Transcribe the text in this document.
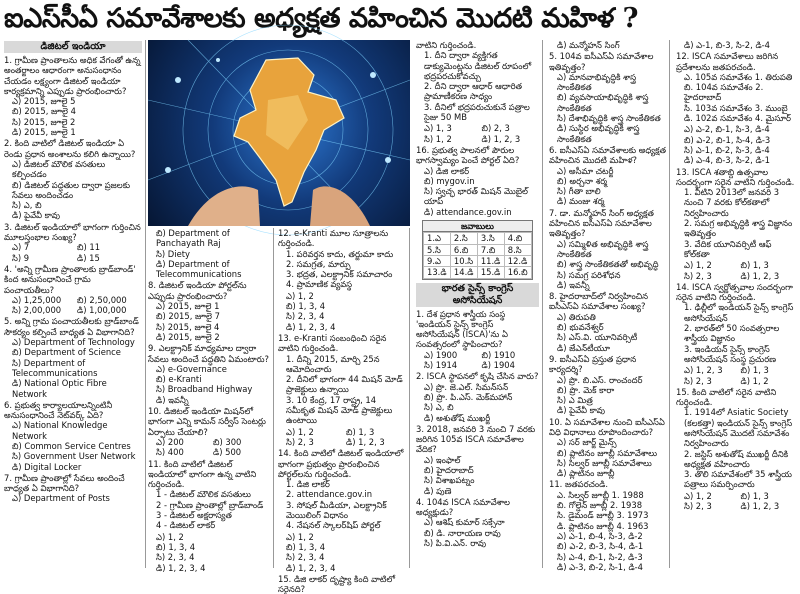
ఐఎస్‌సీఏ సమావేశాలకు అధ్యక్షత వహించిన మొదటి మహిళ ?
డిజిటల్ ఇండియా
1. గ్రామీణ ప్రాంతాలను అధిక వేగంతో ఉన్న అంతర్జాలం ఆధారంగా అనుసంధానం చేయడం లక్ష్యంగా డిజిటల్ ఇండియా కార్యక్రమాన్ని ఎప్పుడు ప్రారంభించారు?
ఎ) 2015, జూలై 5
బి) 2015, జూలై 4
సి) 2015, జూలై 2
డి) 2015, జూలై 1
2. కింది వాటిలో డిజిటల్ ఇండియా ఏ రెండు ప్రధాన అంశాలను కలిగి ఉన్నాయి?
ఎ) డిజిటల్ మౌలిక వసతులు కల్పించడం
బి) డిజిటల్ పద్ధతుల ద్వారా ప్రజలకు సేవలు అందించడం
సి) ఎ, బి
డి) పైవేవీ కావు
3. డిజిటల్ ఇండియాలో భాగంగా గుర్తించిన మూలస్తంభాల సంఖ్య?
ఎ) 7	బి) 11
సి) 9	డి) 15
4. 'అన్ని గ్రామీణ ప్రాంతాలకు బ్రాడ్‌బాండ్' కింద అనుసంధానించే గ్రామ పంచాయతీలు?
ఎ) 1,25,000	బి) 2,50,000
సి) 2,00,000	డి) 1,00,000
5. అన్ని గ్రామ పంచాయతీలకు బ్రాడ్‌బాండ్ సౌకర్యం కల్పించే బాధ్యత ఏ విభాగానిది?
ఎ) Department of Technology
బి) Department of Science
సి) Department of Telecommunications
డి) National Optic Fibre Network
6. ప్రభుత్వ కార్యాలయాలన్నింటినీ అనుసంధానించే నెట్‌వర్క్ ఏది?
ఎ) National Knowledge Network
బి) Common Service Centres
సి) Government User Network
డి) Digital Locker
7. గ్రామీణ ప్రాంతాల్లో సేవలు అందించే బాధ్యత ఏ విభాగానిది?
ఎ) Department of Posts
బి) Department of Panchayath Raj
సి) Diety
డి) Department of Telecommunications
8. డిజిటల్ ఇండియా పోర్టల్‌ను ఎప్పుడు ప్రారంభించారు?
ఎ) 2015, జూలై 1
బి) 2015, జూలై 7
సి) 2015, జూలై 4
డి) 2015, జూలై 2
9. ఎలక్ట్రానిక్ మాధ్యమాల ద్వారా సేవలు అందించే పద్ధతిని ఏమంటారు?
ఎ) e-Governance
బి) e-Kranti
సి) Broadband Highway
డి) ఇవన్నీ
10. డిజిటల్ ఇండియా మిషన్‌లో భాగంగా ఎన్ని కామన్ సర్వీస్ సెంటర్లు ఏర్పాటు చేయాలి?
ఎ) 200	బి) 300
సి) 400	డి) 500
11. కింది వాటిలో డిజిటల్ ఇండియాలో భాగంగా ఉన్న వాటిని గుర్తించండి.
1 - డిజిటల్ మౌలిక వసతులు
2 - గ్రామీణ ప్రాంతాల్లో బ్రాడ్‌బాండ్
3 - డిజిటల్ అక్షరాస్యత
4 - డిజిటల్ లాకర్
ఎ) 1, 2
బి) 1, 3, 4
సి) 2, 3, 4
డి) 1, 2, 3, 4
12. e-Kranti మూల సూత్రాలను గుర్తించండి.
1. పరివర్తన కాదు, తర్జుమా కాదు
2. సమగ్రత, మార్పు
3. భద్రత, ఎలక్ట్రానిక్ సమాచారం
4. ప్రామాణిక వ్యవస్థ
ఎ) 1, 2
బి) 1, 3, 4
సి) 2, 3, 4
డి) 1, 2, 3, 4
13. e-Kranti సంబంధించి సరైన వాటిని గుర్తించండి.
1. దీన్ని 2015, మార్చి 25న ఆమోదించారు
2. దీనిలో భాగంగా 44 మిషన్ మోడ్ ప్రాజెక్టులు ఉన్నాయి
3. 10 కేంద్ర, 17 రాష్ట్ర, 14 సమీకృత మిషన్ మోడ్ ప్రాజెక్టులు ఉంటాయి
ఎ) 1, 2	బి) 1, 3
సి) 2, 3	డి) 1, 2, 3
14. కింది వాటిలో డిజిటల్ ఇండియాలో భాగంగా ప్రభుత్వం ప్రారంభించిన పోర్టల్‌లను గుర్తించండి.
1. డిజి లాకర్
2. attendance.gov.in
3. సోషల్ మీడియా, ఎలక్ట్రానిక్ మెయిలింగ్ విధానం
4. నేషనల్ స్కాలర్‌షిప్ పోర్టల్
ఎ) 1, 2
బి) 1, 3, 4
సి) 2, 3, 4
డి) 1, 2, 3, 4
15. డిజి లాకర్ దృష్ట్యా కింది వాటిలో సరైనది?
వాటిని గుర్తించండి.
1. దీని ద్వారా వ్యక్తిగత డాక్యుమెంట్లను డిజిటల్ రూపంలో భద్రపరచుకోవచ్చు
2. దీని ద్వారా ఆధార్ ఆధారిత ప్రామాణీకరణ సాధ్యం
3. దీనిలో భద్రపరుచుకునే పత్రాల సైజు 50 MB
ఎ) 1, 3	బి) 2, 3
సి) 1, 2	డి) 1, 2, 3
16. ప్రభుత్వ పాలనలో పౌరుల భాగస్వామ్యం పెంచే పోర్టల్ ఏది?
ఎ) డిజి లాకర్
బి) mygov.in
సి) స్వచ్ఛ భారత్ మిషన్ మొబైల్ యాప్
డి) attendance.gov.in
జవాబులు
1.ఎ	2.సి	3.సి	4.బి
5.సి	6.బి	7.బి	8.సి
9.ఎ	10.సి	11.డి	12.డి
13.డి	14.డి	15.డి	16.బి
భారత సైన్స్ కాంగ్రెస్ అసోసియేషన్
1. దేశ ప్రధాన శాస్త్రీయ సంస్థ 'ఇండియన్ సైన్స్ కాంగ్రెస్ అసోసియేషన్ (ISCA)'ను ఏ సంవత్సరంలో స్థాపించారు?
ఎ) 1900	బి) 1910
సి) 1914	డి) 1904
2. ISCA స్థాపనలో కృషి చేసిన వారు?
ఎ) ప్రొ. జె.ఎల్. సిమన్‌సన్
బి) ప్రొ. పి.ఎస్. మెక్‌మహాన్
సి) ఎ, బి
డి) అశుతోష్ ముఖర్జీ
3. 2018, జనవరి 3 నుంచి 7 వరకు జరిగిన 105వ ISCA సమావేశాల వేదిక?
ఎ) ఇంఫాల్
బి) హైదరాబాద్
సి) విశాఖపట్నం
డి) పుణె
4. 104వ ISCA సమావేశాల అధ్యక్షుడు?
ఎ) ఆశిష్ కుమార్ సక్సేనా
బి) డి. నారాయణ రావు
సి) పి.వి.ఎన్. రావు
డి) మన్మోహన్ సింగ్
5. 104వ ఐసీఎస్‌ఏ సమావేశాల ఇతివృత్తం?
ఎ) మానవాభివృద్ధికి శాస్త్ర సాంకేతికత
బి) వ్యవసాయాభివృద్ధికి శాస్త్ర సాంకేతికత
సి) దేశాభివృద్ధికి శాస్త్ర సాంకేతికత
డి) సుస్థిర అభివృద్ధికి శాస్త్ర సాంకేతికత
6. ఐసీఎస్‌ఏ సమావేశాలకు అధ్యక్షత వహించిన మొదటి మహిళ?
ఎ) అసీమా చటర్జీ
బి) అర్చనా శర్మ
సి) గీతా బాలి
డి) మంజు శర్మ
7. డా. మన్మోహన్ సింగ్ అధ్యక్షత వహించిన ఐసీఎస్‌ఏ సమావేశాల ఇతివృత్తం?
ఎ) సమ్మిళిత అభివృద్ధికి శాస్త్ర సాంకేతికత
బి) శాస్త్ర సాంకేతికతతో అభివృద్ధి
సి) సమగ్ర పరిశోధన
డి) ఇవన్నీ
8. హైదరాబాద్‌లో నిర్వహించిన ఐసీఎస్‌ఏ సమావేశాల సంఖ్య?
ఎ) తిరుపతి
బి) భువనేశ్వర్
సి) ఎస్.వి. యూనివర్సిటీ
డి) జేఎన్‌టీయూ
9. ఐసీఎస్‌ఏ ప్రస్తుత ప్రధాన కార్యదర్శి?
ఎ) ప్రొ. బి.ఎస్. రాంచందర్
బి) ప్రొ. మెక్ కారా
సి) ఎ మిత్ర
డి) పైవేవీ కావు
10. ఏ సమావేశాల నుంచి ఐసీఎస్‌ఏ విధి విధానాలు రూపొందించారు?
ఎ) సర్ జార్జ్ మైన్స్
బి) ప్లాటినం జూబ్లీ సమావేశాలు
సి) సిల్వర్ జూబ్లీ సమావేశాలు
డి) ప్లాటినం జూబ్లీ
11. జతపరచండి.
ఎ. సిల్వర్ జూబ్లీ 1. 1988
బి. గోల్డెన్ జూబ్లీ 2. 1938
సి. డైమండ్ జూబ్లీ 3. 1973
డి. ప్లాటినం జూబ్లీ 4. 1963
ఎ) ఎ-1, బి-4, సి-3, డి-2
బి) ఎ-2, బి-3, సి-4, డి-1
సి) ఎ-4, బి-1, సి-2, డి-3
డి) ఎ-3, బి-2, సి-1, డి-4
డి) ఎ-1, బి-3, సి-2, డి-4
12. ISCA సమావేశాలు జరిగిన ప్రదేశాలను జతపరచండి.
ఎ. 105వ సమావేశం 1. తిరుపతి
బి. 104వ సమావేశం 2. హైదరాబాద్
సి. 103వ సమావేశం 3. ముంబై
డి. 102వ సమావేశం 4. మైసూర్
ఎ) ఎ-2, బి-1, సి-3, డి-4
బి) ఎ-2, బి-1, సి-4, డి-3
సి) ఎ-1, బి-2, సి-3, డి-4
డి) ఎ-4, బి-3, సి-2, డి-1
13. ISCA శతాబ్ది ఉత్సవాల సందర్భంగా సరైన వాటిని గుర్తించండి.
1. వీటిని 2013లో జనవరి 3 నుంచి 7 వరకు కోల్‌కతాలో నిర్వహించారు
2. సమగ్ర అభివృద్ధికి శాస్త్ర విజ్ఞానం ఇతివృత్తం
3. వేదిక యూనివర్సిటీ ఆఫ్ కోల్‌కతా
ఎ) 1, 2	బి) 1, 3
సి) 2, 3	డి) 1, 2, 3
14. ISCA స్వర్ణోత్సవాల సందర్భంగా సరైన వాటిని గుర్తించండి.
1. ఢిల్లీలో ఇండియన్ సైన్స్ కాంగ్రెస్ అసోసియేషన్
2. భారత్‌లో 50 సంవత్సరాల శాస్త్రీయ విజ్ఞానం
3. ఇండియన్ సైన్స్ కాంగ్రెస్ అసోసియేషన్ సంస్థ ప్రచురణ
ఎ) 1, 2, 3	బి) 1, 3
సి) 2, 3	డి) 1, 2
15. కింది వాటిలో సరైన వాటిని గుర్తించండి.
1. 1914లో Asiatic Society (కలకత్తా) ఇండియన్ సైన్స్ కాంగ్రెస్ అసోసియేషన్ మొదటి సమావేశం నిర్వహించారు
2. జస్టిస్ అశుతోష్ ముఖర్జీ దీనికి అధ్యక్షత వహించారు
3. తొలి సమావేశంలో 35 శాస్త్రీయ పత్రాలు సమర్పించారు
ఎ) 1, 2	బి) 1, 3
సి) 2, 3	డి) 1, 2, 3
